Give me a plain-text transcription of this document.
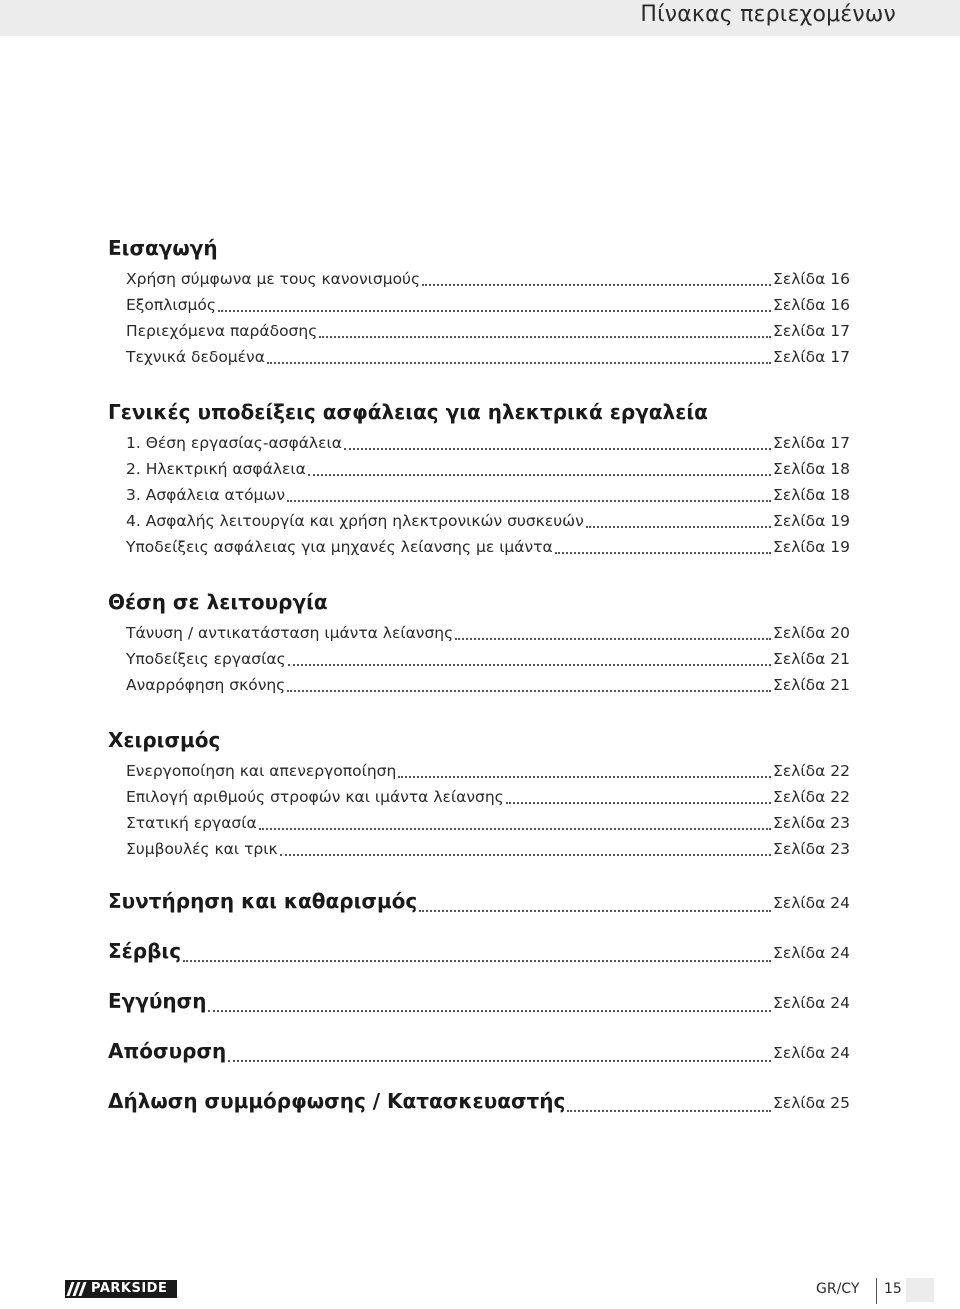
Πίνακας περιεχομένων
Εισαγωγή
Χρήση σύμφωνα με τους κανονισμούς	Σελίδα 16
Εξοπλισμός	Σελίδα 16
Περιεχόμενα παράδοσης	Σελίδα 17
Τεχνικά δεδομένα	Σελίδα 17
Γενικές υποδείξεις ασφάλειας για ηλεκτρικά εργαλεία
1. Θέση εργασίας-ασφάλεια	Σελίδα 17
2. Ηλεκτρική ασφάλεια	Σελίδα 18
3. Ασφάλεια ατόμων	Σελίδα 18
4. Ασφαλής λειτουργία και χρήση ηλεκτρονικών συσκευών	Σελίδα 19
Υποδείξεις ασφάλειας για μηχανές λείανσης με ιμάντα	Σελίδα 19
Θέση σε λειτουργία
Τάνυση / αντικατάσταση ιμάντα λείανσης	Σελίδα 20
Υποδείξεις εργασίας	Σελίδα 21
Αναρρόφηση σκόνης	Σελίδα 21
Χειρισμός
Ενεργοποίηση και απενεργοποίηση	Σελίδα 22
Επιλογή αριθμούς στροφών και ιμάντα λείανσης	Σελίδα 22
Στατική εργασία	Σελίδα 23
Συμβουλές και τρικ	Σελίδα 23
Συντήρηση και καθαρισμός	Σελίδα 24
Σέρβις	Σελίδα 24
Εγγύηση	Σελίδα 24
Απόσυρση	Σελίδα 24
Δήλωση συμμόρφωσης / Κατασκευαστής	Σελίδα 25
PARKSIDE	GR/CY 15
